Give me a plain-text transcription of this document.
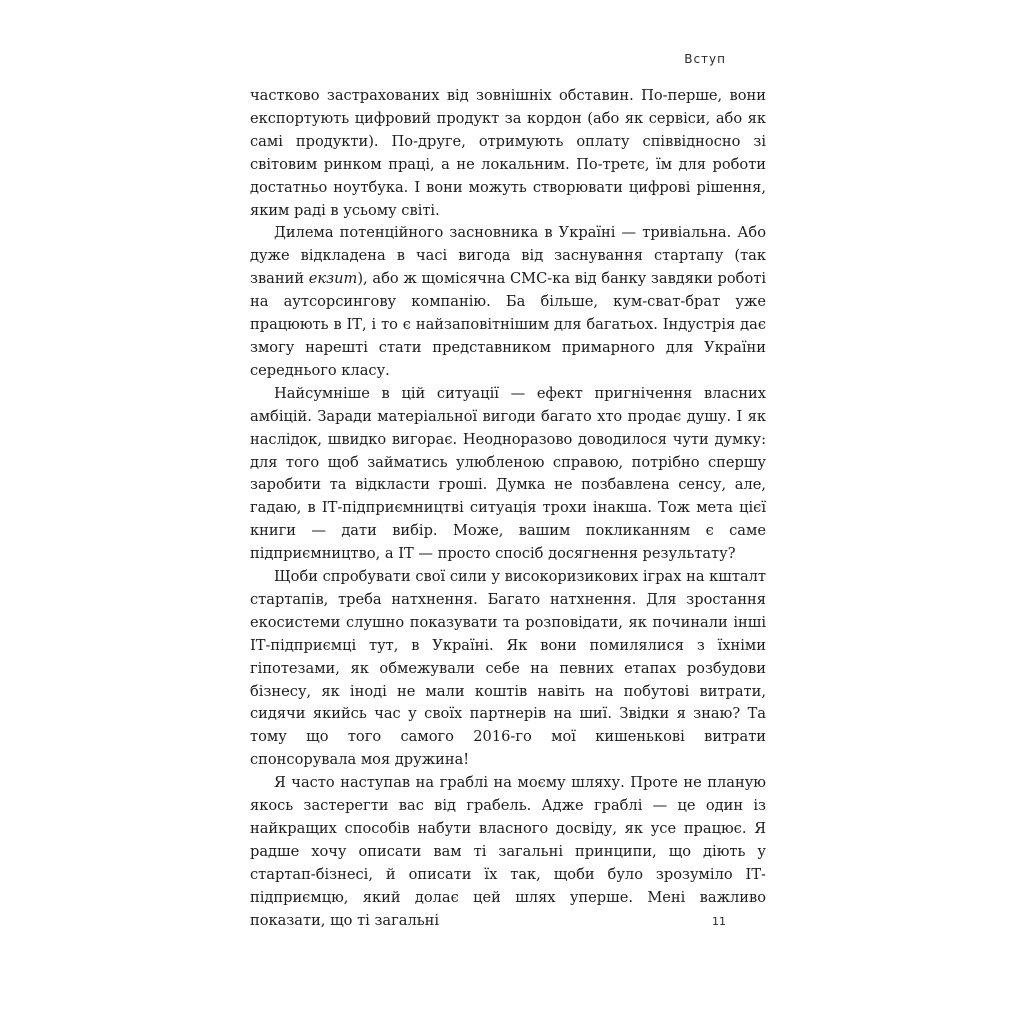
Вступ

частково застрахованих від зовнішніх обставин. По-перше, вони експортують цифровий продукт за кордон (або як сервіси, або як самі продукти). По-друге, отримують оплату співвідносно зі світовим ринком праці, а не локальним. По-третє, їм для роботи достатньо ноутбука. І вони можуть створювати цифрові рішення, яким раді в усьому світі.

Дилема потенційного засновника в Україні — тривіальна. Або дуже відкладена в часі вигода від заснування стартапу (так званий екзит), або ж щомісячна СМС-ка від банку завдяки роботі на аутсорсингову компанію. Ба більше, кум-сват-брат уже працюють в ІТ, і то є найзаповітнішим для багатьох. Індустрія дає змогу нарешті стати представником примарного для України середнього класу.

Найсумніше в цій ситуації — ефект пригнічення власних амбіцій. Заради матеріальної вигоди багато хто продає душу. І як наслідок, швидко вигорає. Неодноразово доводилося чути думку: для того щоб займатись улюбленою справою, потрібно спершу заробити та відкласти гроші. Думка не позбавлена сенсу, але, гадаю, в ІТ-підприємництві ситуація трохи інакша. Тож мета цієї книги — дати вибір. Може, вашим покликанням є саме підприємництво, а ІТ — просто спосіб досягнення результату?

Щоби спробувати свої сили у високоризикових іграх на кшталт стартапів, треба натхнення. Багато натхнення. Для зростання екосистеми слушно показувати та розповідати, як починали інші ІТ-підприємці тут, в Україні. Як вони помилялися з їхніми гіпотезами, як обмежували себе на певних етапах розбудови бізнесу, як іноді не мали коштів навіть на побутові витрати, сидячи якийсь час у своїх партнерів на шиї. Звідки я знаю? Та тому що того самого 2016-го мої кишенькові витрати спонсорувала моя дружина!

Я часто наступав на граблі на моєму шляху. Проте не планую якось застерегти вас від грабель. Адже граблі — це один із найкращих способів набути власного досвіду, як усе працює. Я радше хочу описати вам ті загальні принципи, що діють у стартап-бізнесі, й описати їх так, щоби було зрозуміло ІТ-підприємцю, який долає цей шлях уперше. Мені важливо показати, що ті загальні	11
